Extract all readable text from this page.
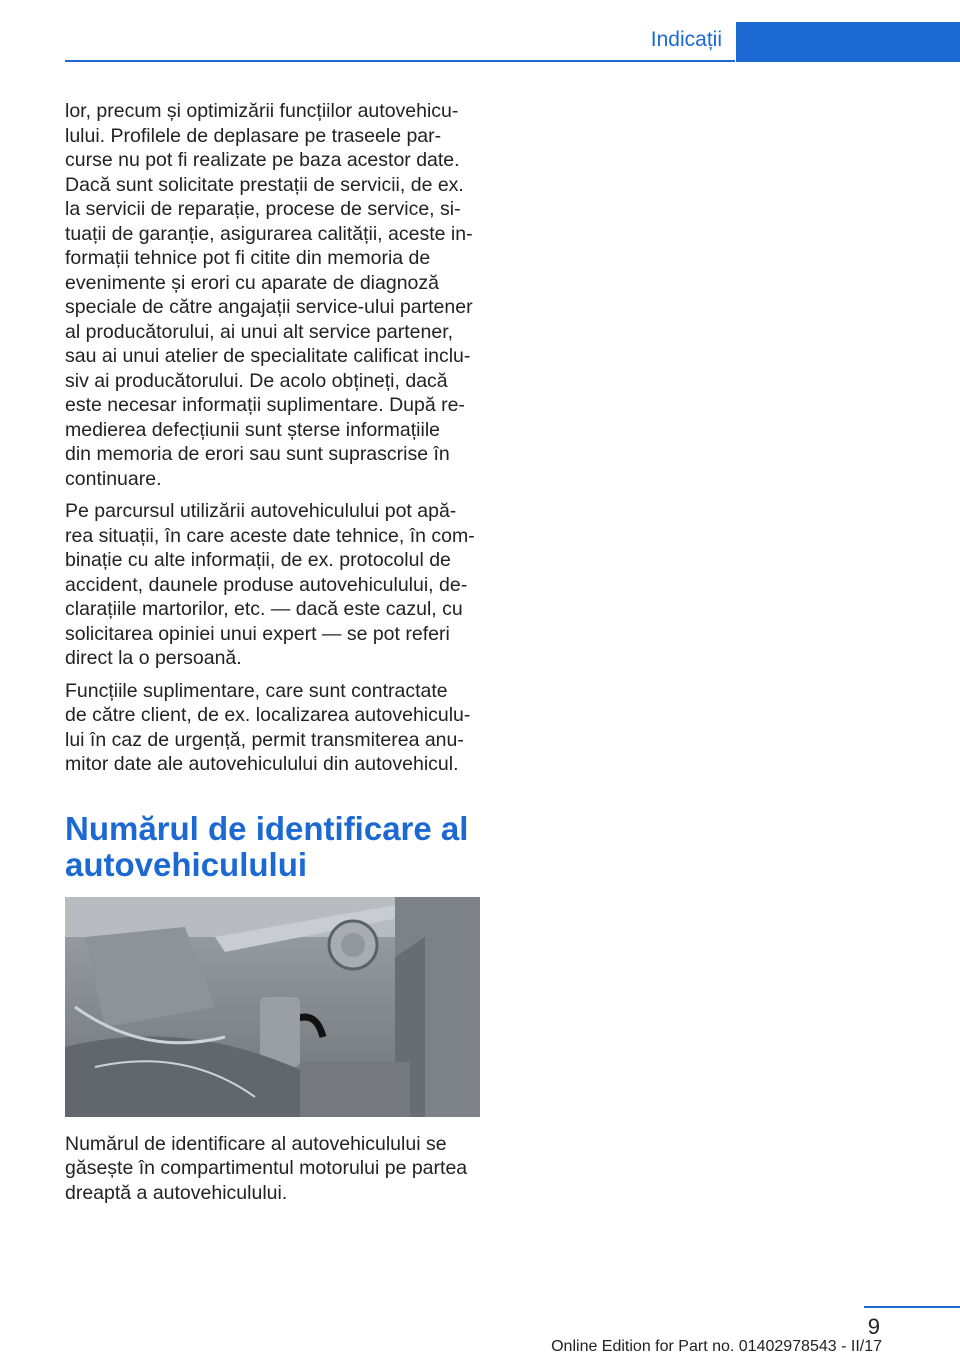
Indicații

lor, precum și optimizării funcțiilor autovehicu‐
lului. Profilele de deplasare pe traseele par‐
curse nu pot fi realizate pe baza acestor date.
Dacă sunt solicitate prestații de servicii, de ex.
la servicii de reparație, procese de service, si‐
tuații de garanție, asigurarea calității, aceste in‐
formații tehnice pot fi citite din memoria de
evenimente și erori cu aparate de diagnoză
speciale de către angajații service-ului partener
al producătorului, ai unui alt service partener,
sau ai unui atelier de specialitate calificat inclu‐
siv ai producătorului. De acolo obțineți, dacă
este necesar informații suplimentare. După re‐
medierea defecțiunii sunt șterse informațiile
din memoria de erori sau sunt suprascrise în
continuare.

Pe parcursul utilizării autovehiculului pot apă‐
rea situații, în care aceste date tehnice, în com‐
binație cu alte informații, de ex. protocolul de
accident, daunele produse autovehiculului, de‐
clarațiile martorilor, etc. — dacă este cazul, cu
solicitarea opiniei unui expert — se pot referi
direct la o persoană.

Funcțiile suplimentare, care sunt contractate
de către client, de ex. localizarea autovehiculu‐
lui în caz de urgență, permit transmiterea anu‐
mitor date ale autovehiculului din autovehicul.

Numărul de identificare al
autovehiculului

Numărul de identificare al autovehiculului se
găsește în compartimentul motorului pe partea
dreaptă a autovehiculului.

9
Online Edition for Part no. 01402978543 - II/17
